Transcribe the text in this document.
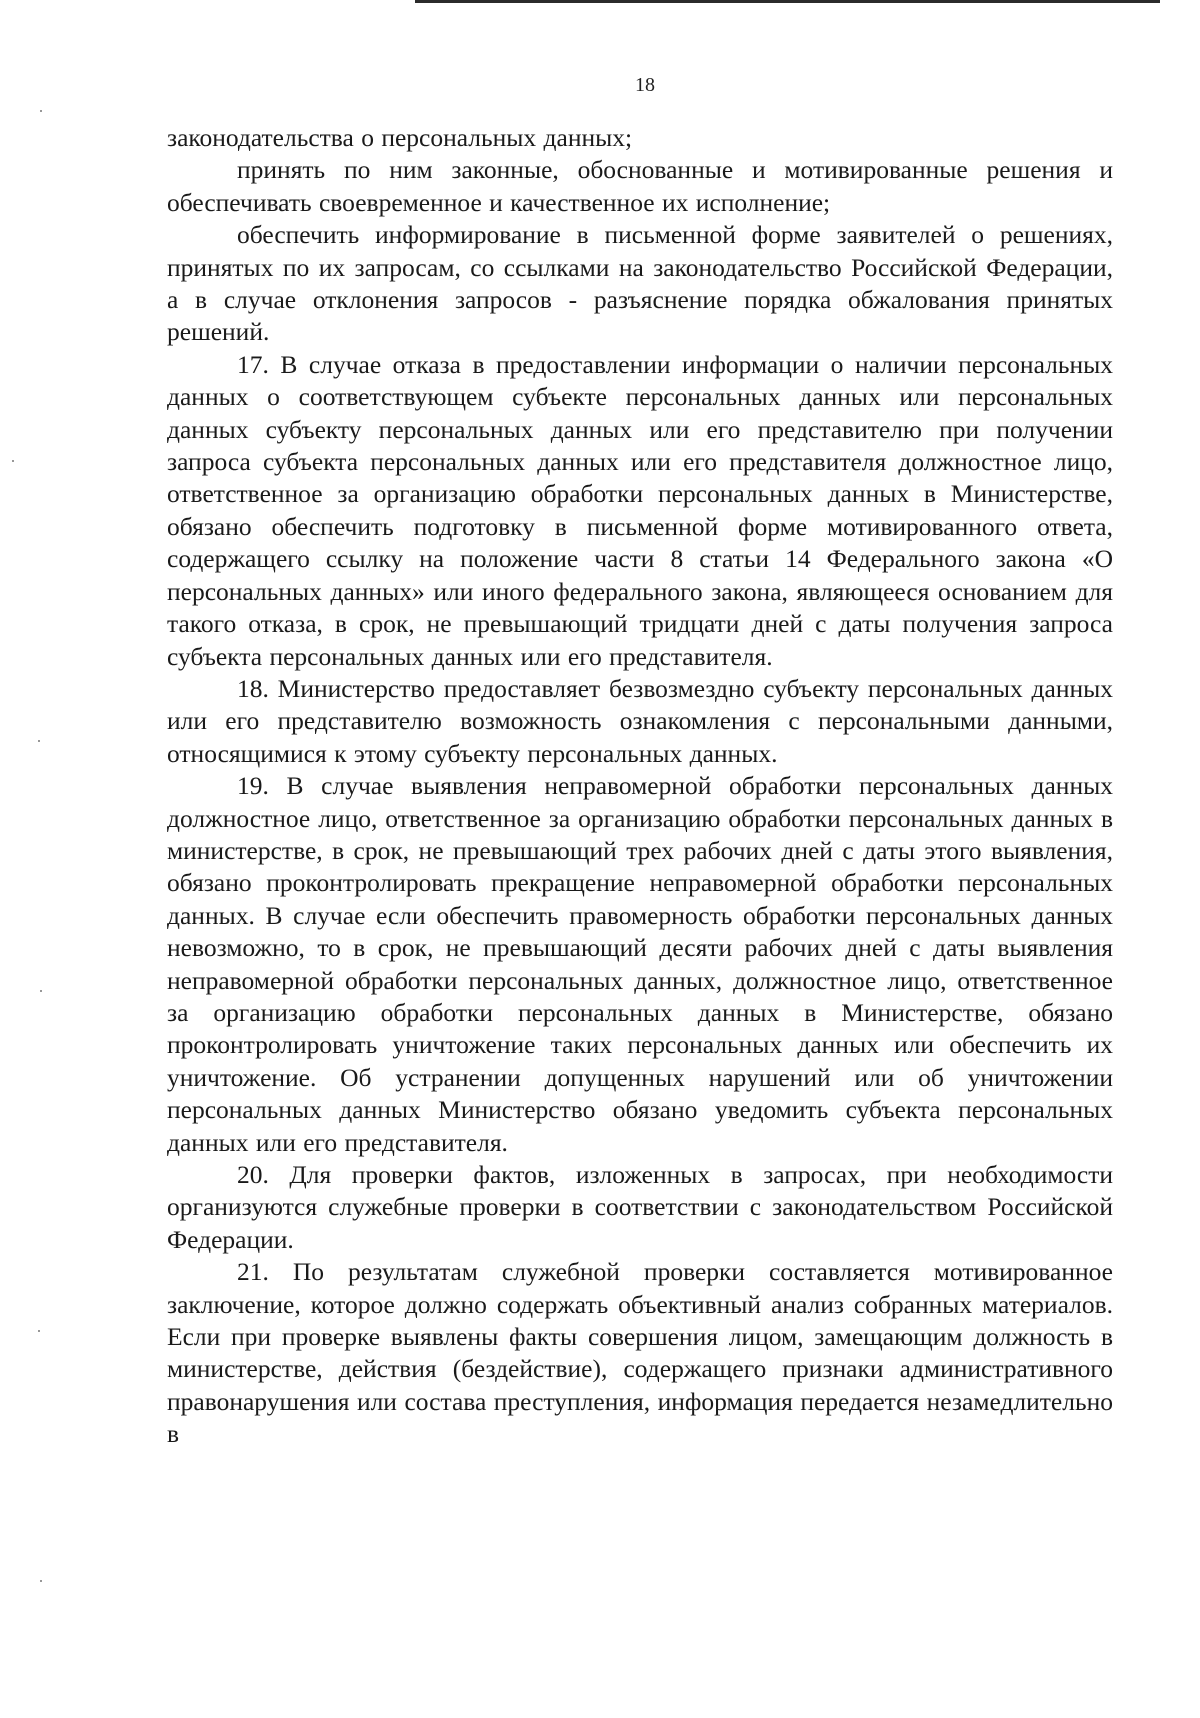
18

законодательства о персональных данных;

принять по ним законные, обоснованные и мотивированные решения и обеспечивать своевременное и качественное их исполнение;

обеспечить информирование в письменной форме заявителей о решениях, принятых по их запросам, со ссылками на законодательство Российской Федерации, а в случае отклонения запросов - разъяснение порядка обжалования принятых решений.

17. В случае отказа в предоставлении информации о наличии персональных данных о соответствующем субъекте персональных данных или персональных данных субъекту персональных данных или его представителю при получении запроса субъекта персональных данных или его представителя должностное лицо, ответственное за организацию обработки персональных данных в Министерстве, обязано обеспечить подготовку в письменной форме мотивированного ответа, содержащего ссылку на положение части 8 статьи 14 Федерального закона «О персональных данных» или иного федерального закона, являющееся основанием для такого отказа, в срок, не превышающий тридцати дней с даты получения запроса субъекта персональных данных или его представителя.

18. Министерство предоставляет безвозмездно субъекту персональных данных или его представителю возможность ознакомления с персональными данными, относящимися к этому субъекту персональных данных.

19. В случае выявления неправомерной обработки персональных данных должностное лицо, ответственное за организацию обработки персональных данных в министерстве, в срок, не превышающий трех рабочих дней с даты этого выявления, обязано проконтролировать прекращение неправомерной обработки персональных данных. В случае если обеспечить правомерность обработки персональных данных невозможно, то в срок, не превышающий десяти рабочих дней с даты выявления неправомерной обработки персональных данных, должностное лицо, ответственное за организацию обработки персональных данных в Министерстве, обязано проконтролировать уничтожение таких персональных данных или обеспечить их уничтожение. Об устранении допущенных нарушений или об уничтожении персональных данных Министерство обязано уведомить субъекта персональных данных или его представителя.

20. Для проверки фактов, изложенных в запросах, при необходимости организуются служебные проверки в соответствии с законодательством Российской Федерации.

21. По результатам служебной проверки составляется мотивированное заключение, которое должно содержать объективный анализ собранных материалов. Если при проверке выявлены факты совершения лицом, замещающим должность в министерстве, действия (бездействие), содержащего признаки административного правонарушения или состава преступления, информация передается незамедлительно в
